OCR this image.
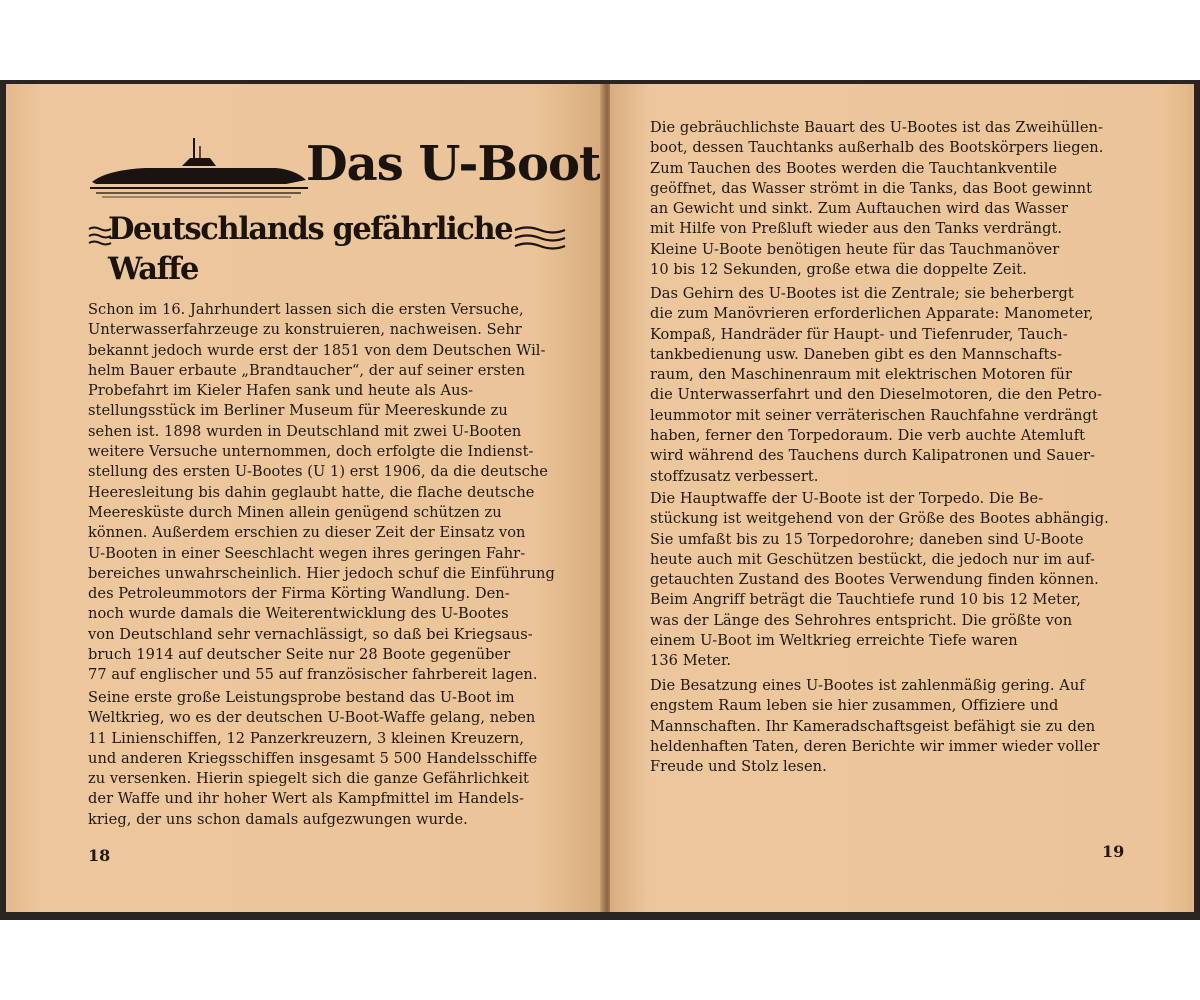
Das U-Boot
Deutschlands gefährliche Waffe

Schon im 16. Jahrhundert lassen sich die ersten Versuche,
Unterwasserfahrzeuge zu konstruieren, nachweisen. Sehr
bekannt jedoch wurde erst der 1851 von dem Deutschen Wil-
helm Bauer erbaute „Brandtaucher“, der auf seiner ersten
Probefahrt im Kieler Hafen sank und heute als Aus-
stellungsstück im Berliner Museum für Meereskunde zu
sehen ist. 1898 wurden in Deutschland mit zwei U-Booten
weitere Versuche unternommen, doch erfolgte die Indienst-
stellung des ersten U-Bootes (U 1) erst 1906, da die deutsche
Heeresleitung bis dahin geglaubt hatte, die flache deutsche
Meeresküste durch Minen allein genügend schützen zu
können. Außerdem erschien zu dieser Zeit der Einsatz von
U-Booten in einer Seeschlacht wegen ihres geringen Fahr-
bereiches unwahrscheinlich. Hier jedoch schuf die Einführung
des Petroleummotors der Firma Körting Wandlung. Den-
noch wurde damals die Weiterentwicklung des U-Bootes
von Deutschland sehr vernachlässigt, so daß bei Kriegsaus-
bruch 1914 auf deutscher Seite nur 28 Boote gegenüber
77 auf englischer und 55 auf französischer fahrbereit lagen.

Seine erste große Leistungsprobe bestand das U-Boot im
Weltkrieg, wo es der deutschen U-Boot-Waffe gelang, neben
11 Linienschiffen, 12 Panzerkreuzern, 3 kleinen Kreuzern,
und anderen Kriegsschiffen insgesamt 5 500 Handelsschiffe
zu versenken. Hierin spiegelt sich die ganze Gefährlichkeit
der Waffe und ihr hoher Wert als Kampfmittel im Handels-
krieg, der uns schon damals aufgezwungen wurde.

18

Die gebräuchlichste Bauart des U-Bootes ist das Zweihüllen-
boot, dessen Tauchtanks außerhalb des Bootskörpers liegen.
Zum Tauchen des Bootes werden die Tauchtankventile
geöffnet, das Wasser strömt in die Tanks, das Boot gewinnt
an Gewicht und sinkt. Zum Auftauchen wird das Wasser
mit Hilfe von Preßluft wieder aus den Tanks verdrängt.
Kleine U-Boote benötigen heute für das Tauchmanöver
10 bis 12 Sekunden, große etwa die doppelte Zeit.

Das Gehirn des U-Bootes ist die Zentrale; sie beherbergt
die zum Manövrieren erforderlichen Apparate: Manometer,
Kompaß, Handräder für Haupt- und Tiefenruder, Tauch-
tankbedienung usw. Daneben gibt es den Mannschafts-
raum, den Maschinenraum mit elektrischen Motoren für
die Unterwasserfahrt und den Dieselmotoren, die den Petro-
leummotor mit seiner verräterischen Rauchfahne verdrängt
haben, ferner den Torpedoraum. Die verb auchte Atemluft
wird während des Tauchens durch Kalipatronen und Sauer-
stoffzusatz verbessert.

Die Hauptwaffe der U-Boote ist der Torpedo. Die Be-
stückung ist weitgehend von der Größe des Bootes abhängig.
Sie umfaßt bis zu 15 Torpedorohre; daneben sind U-Boote
heute auch mit Geschützen bestückt, die jedoch nur im auf-
getauchten Zustand des Bootes Verwendung finden können.
Beim Angriff beträgt die Tauchtiefe rund 10 bis 12 Meter,
was der Länge des Sehrohres entspricht. Die größte von
einem U-Boot im Weltkrieg erreichte Tiefe waren
136 Meter.

Die Besatzung eines U-Bootes ist zahlenmäßig gering. Auf
engstem Raum leben sie hier zusammen, Offiziere und
Mannschaften. Ihr Kameradschaftsgeist befähigt sie zu den
heldenhaften Taten, deren Berichte wir immer wieder voller
Freude und Stolz lesen.

19
